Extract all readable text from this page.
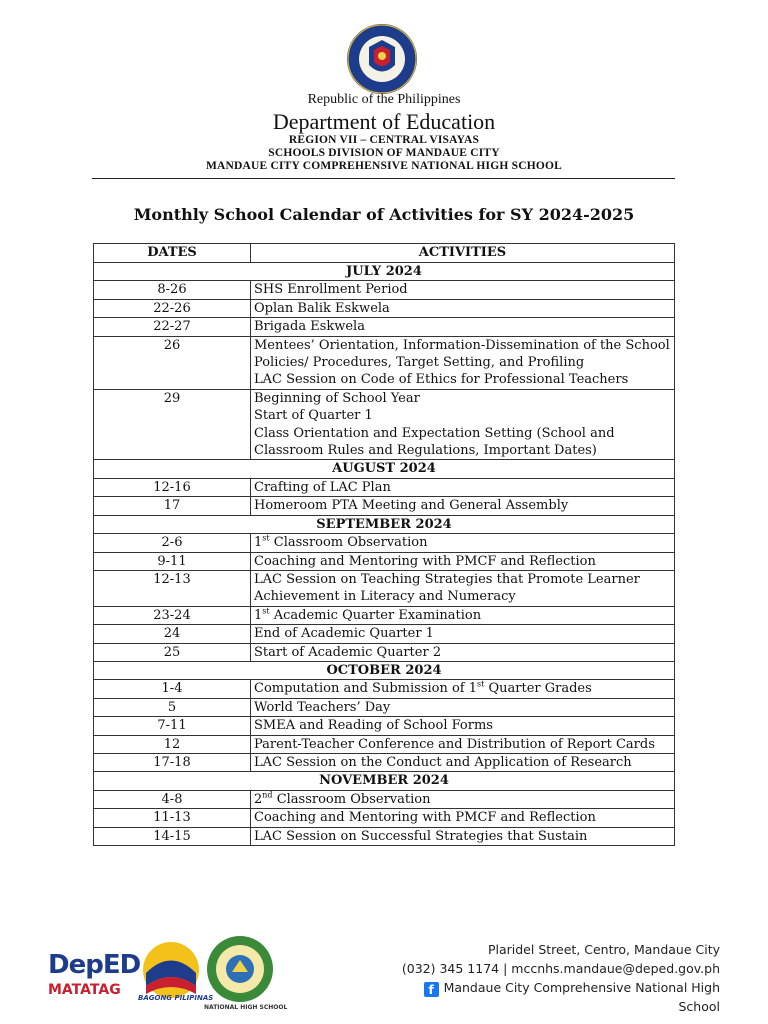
Republic of the Philippines
Department of Education
REGION VII – CENTRAL VISAYAS
SCHOOLS DIVISION OF MANDAUE CITY
MANDAUE CITY COMPREHENSIVE NATIONAL HIGH SCHOOL
Monthly School Calendar of Activities for SY 2024-2025
DATES	ACTIVITIES
JULY 2024	
8-26	SHS Enrollment Period

22-26	Oplan Balik Eskwela

22-27	Brigada Eskwela

26	Mentees’ Orientation, Information-Dissemination of the School Policies/ Procedures, Target Setting, and Profiling
LAC Session on Code of Ethics for Professional Teachers

29	Beginning of School Year
Start of Quarter 1
Class Orientation and Expectation Setting (School and Classroom Rules and Regulations, Important Dates)

AUGUST 2024	
12-16	Crafting of LAC Plan

17	Homeroom PTA Meeting and General Assembly

SEPTEMBER 2024	
2-6	1st Classroom Observation

9-11	Coaching and Mentoring with PMCF and Reflection

12-13	LAC Session on Teaching Strategies that Promote Learner Achievement in Literacy and Numeracy

23-24	1st Academic Quarter Examination

24	End of Academic Quarter 1

25	Start of Academic Quarter 2

OCTOBER 2024	
1-4	Computation and Submission of 1st Quarter Grades

5	World Teachers’ Day

7-11	SMEA and Reading of School Forms

12	Parent-Teacher Conference and Distribution of Report Cards

17-18	LAC Session on the Conduct and Application of Research

NOVEMBER 2024	
4-8	2nd Classroom Observation

11-13	Coaching and Mentoring with PMCF and Reflection

14-15	LAC Session on Successful Strategies that Sustain
DepED
MATATAG BAGONG PILIPINAS
NATIONAL HIGH SCHOOL
Plaridel Street, Centro, Mandaue City
(032) 345 1174 | mccnhs.mandaue@deped.gov.ph
f Mandaue City Comprehensive National High School
